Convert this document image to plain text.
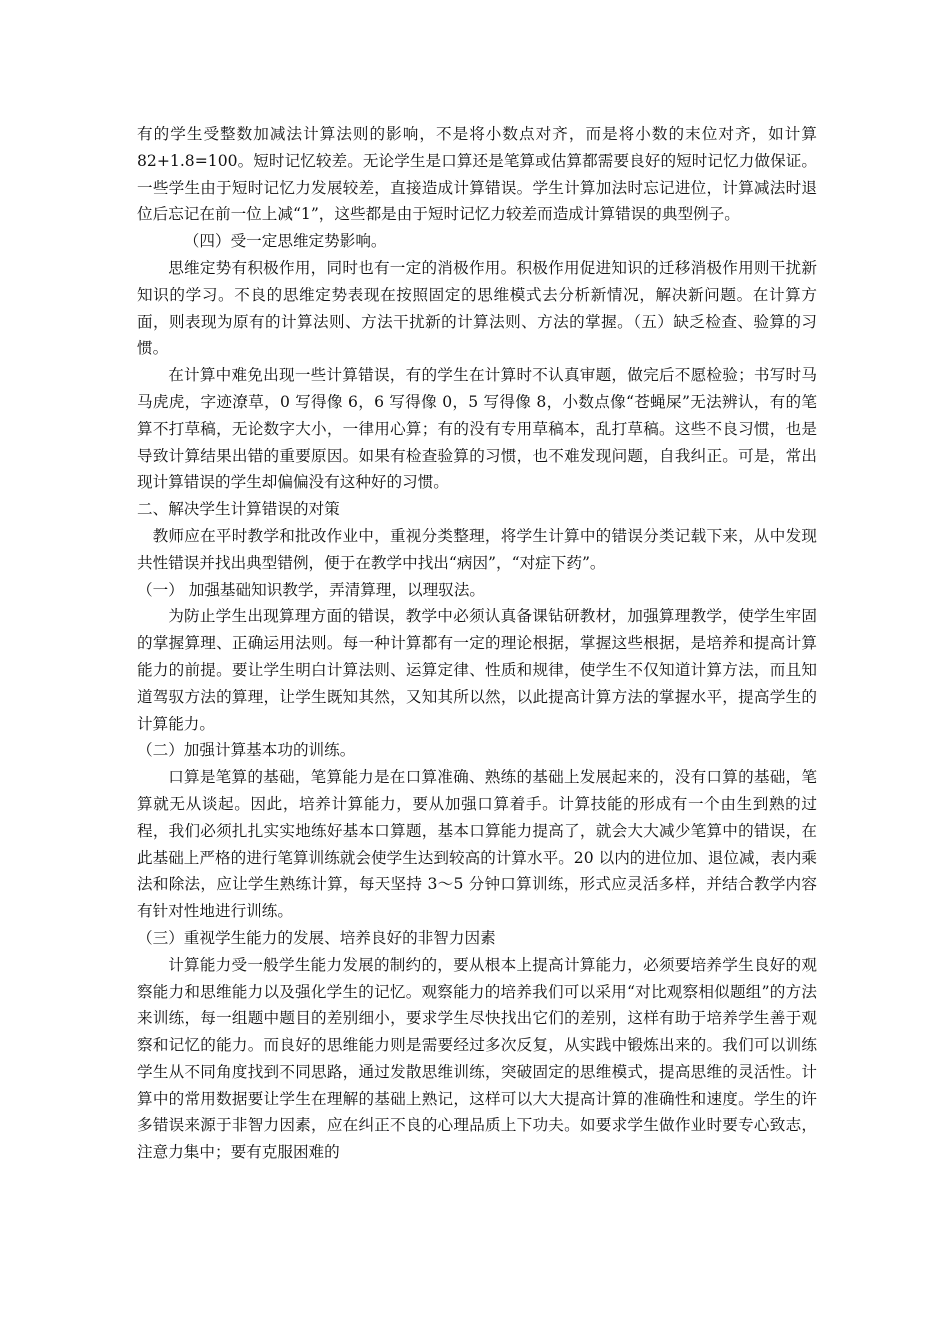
有的学生受整数加减法计算法则的影响，不是将小数点对齐，而是将小数的末位对齐，如计算 82+1.8=100。短时记忆较差。无论学生是口算还是笔算或估算都需要良好的短时记忆力做保证。一些学生由于短时记忆力发展较差，直接造成计算错误。学生计算加法时忘记进位，计算减法时退位后忘记在前一位上减“1”，这些都是由于短时记忆力较差而造成计算错误的典型例子。

（四）受一定思维定势影响。

思维定势有积极作用，同时也有一定的消极作用。积极作用促进知识的迁移消极作用则干扰新知识的学习。不良的思维定势表现在按照固定的思维模式去分析新情况，解决新问题。在计算方面，则表现为原有的计算法则、方法干扰新的计算法则、方法的掌握。（五）缺乏检查、验算的习惯。

在计算中难免出现一些计算错误，有的学生在计算时不认真审题，做完后不愿检验；书写时马马虎虎，字迹潦草，0 写得像 6，6 写得像 0，5 写得像 8，小数点像“苍蝇屎”无法辨认，有的笔算不打草稿，无论数字大小，一律用心算；有的没有专用草稿本，乱打草稿。这些不良习惯，也是导致计算结果出错的重要原因。如果有检查验算的习惯，也不难发现问题，自我纠正。可是，常出现计算错误的学生却偏偏没有这种好的习惯。

二、解决学生计算错误的对策

教师应在平时教学和批改作业中，重视分类整理，将学生计算中的错误分类记载下来，从中发现共性错误并找出典型错例，便于在教学中找出“病因”，“对症下药”。

（一） 加强基础知识教学，弄清算理，以理驭法。

为防止学生出现算理方面的错误，教学中必须认真备课钻研教材，加强算理教学，使学生牢固的掌握算理、正确运用法则。每一种计算都有一定的理论根据，掌握这些根据，是培养和提高计算能力的前提。要让学生明白计算法则、运算定律、性质和规律，使学生不仅知道计算方法，而且知道驾驭方法的算理，让学生既知其然，又知其所以然，以此提高计算方法的掌握水平，提高学生的计算能力。

（二）加强计算基本功的训练。

口算是笔算的基础，笔算能力是在口算准确、熟练的基础上发展起来的，没有口算的基础，笔算就无从谈起。因此，培养计算能力，要从加强口算着手。计算技能的形成有一个由生到熟的过程，我们必须扎扎实实地练好基本口算题，基本口算能力提高了，就会大大减少笔算中的错误，在此基础上严格的进行笔算训练就会使学生达到较高的计算水平。20 以内的进位加、退位减，表内乘法和除法，应让学生熟练计算，每天坚持 3～5 分钟口算训练，形式应灵活多样，并结合教学内容有针对性地进行训练。

（三）重视学生能力的发展、培养良好的非智力因素

计算能力受一般学生能力发展的制约的，要从根本上提高计算能力，必须要培养学生良好的观察能力和思维能力以及强化学生的记忆。观察能力的培养我们可以采用“对比观察相似题组”的方法来训练，每一组题中题目的差别细小，要求学生尽快找出它们的差别，这样有助于培养学生善于观察和记忆的能力。而良好的思维能力则是需要经过多次反复，从实践中锻炼出来的。我们可以训练学生从不同角度找到不同思路，通过发散思维训练，突破固定的思维模式，提高思维的灵活性。计算中的常用数据要让学生在理解的基础上熟记，这样可以大大提高计算的准确性和速度。学生的许多错误来源于非智力因素，应在纠正不良的心理品质上下功夫。如要求学生做作业时要专心致志，注意力集中；要有克服困难的
